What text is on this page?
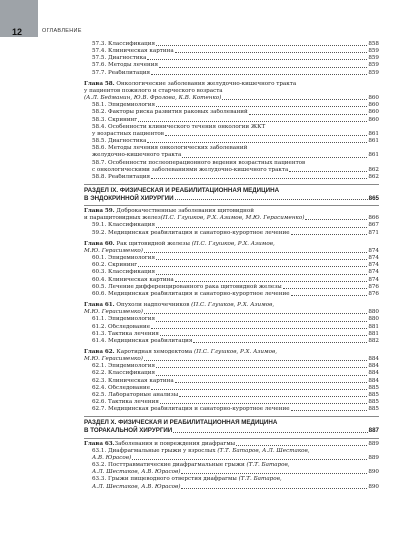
12	ОГЛАВЛЕНИЕ
57.3. Классификация	858
57.4. Клиническая картина	859
57.5. Диагностика	859
57.6. Методы лечения	859
57.7. Реабилитация	859
Глава 58. Онкологические заболевания желудочно-кишечного тракта
у пациентов пожилого и старческого возраста
(А.Л. Бедманин, Ю.В. Фролова, К.В. Котенко)	860
58.1. Эпидемиология	860
58.2. Факторы риска развития раковых заболеваний	860
58.3. Скрининг	860
58.4. Особенности клинического течения онкологии ЖКТ
у возрастных пациентов	861
58.5. Диагностика	861
58.6. Методы лечения онкологических заболеваний
желудочно-кишечного тракта	861
58.7. Особенности послеоперационного ведения возрастных пациентов
с онкологическими заболеваниями желудочно-кишечного тракта	862
58.8. Реабилитация	862
РАЗДЕЛ IX. ФИЗИЧЕСКАЯ И РЕАБИЛИТАЦИОННАЯ МЕДИЦИНА
В ЭНДОКРИННОЙ ХИРУРГИИ	865
Глава 59. Доброкачественные заболевания щитовидной
и паращитовидных желез (П.С. Глушков, Р.Х. Азимов, М.Ю. Герасименко)	866
59.1. Классификация	867
59.2. Медицинская реабилитация и санаторно-курортное лечение	871
Глава 60. Рак щитовидной железы (П.С. Глушков, Р.Х. Азимов,
М.Ю. Герасименко)	874
60.1. Эпидемиология	874
60.2. Скрининг	874
60.3. Классификация	874
60.4. Клиническая картина	874
60.5. Лечение дифференцированного рака щитовидной железы	876
60.6. Медицинская реабилитация и санаторно-курортное лечение	876
Глава 61. Опухоли надпочечников (П.С. Глушков, Р.Х. Азимов,
М.Ю. Герасименко)	880
61.1. Эпидемиология	880
61.2. Обследование	881
61.3. Тактика лечения	881
61.4. Медицинская реабилитация	882
Глава 62. Каротидная хемодектома (П.С. Глушков, Р.Х. Азимов,
М.Ю. Герасименко)	884
62.1. Эпидемиология	884
62.2. Классификация	884
62.3. Клиническая картина	884
62.4. Обследование	885
62.5. Лабораторные анализы	885
62.6. Тактика лечения	885
62.7. Медицинская реабилитация и санаторно-курортное лечение	885
РАЗДЕЛ X. ФИЗИЧЕСКАЯ И РЕАБИЛИТАЦИОННАЯ МЕДИЦИНА
В ТОРАКАЛЬНОЙ ХИРУРГИИ	887
Глава 63. Заболевания и повреждения диафрагмы	889
63.1. Диафрагмальные грыжи у взрослых (Т.Т. Батаров, А.Л. Шестаков,
А.В. Юрасов)	889
63.2. Посттравматические диафрагмальные грыжи (Т.Т. Батаров,
А.Л. Шестаков, А.В. Юрасов)	890
63.3. Грыжи пищеводного отверстия диафрагмы (Т.Т. Батаров,
А.Л. Шестаков, А.В. Юрасов)	890
